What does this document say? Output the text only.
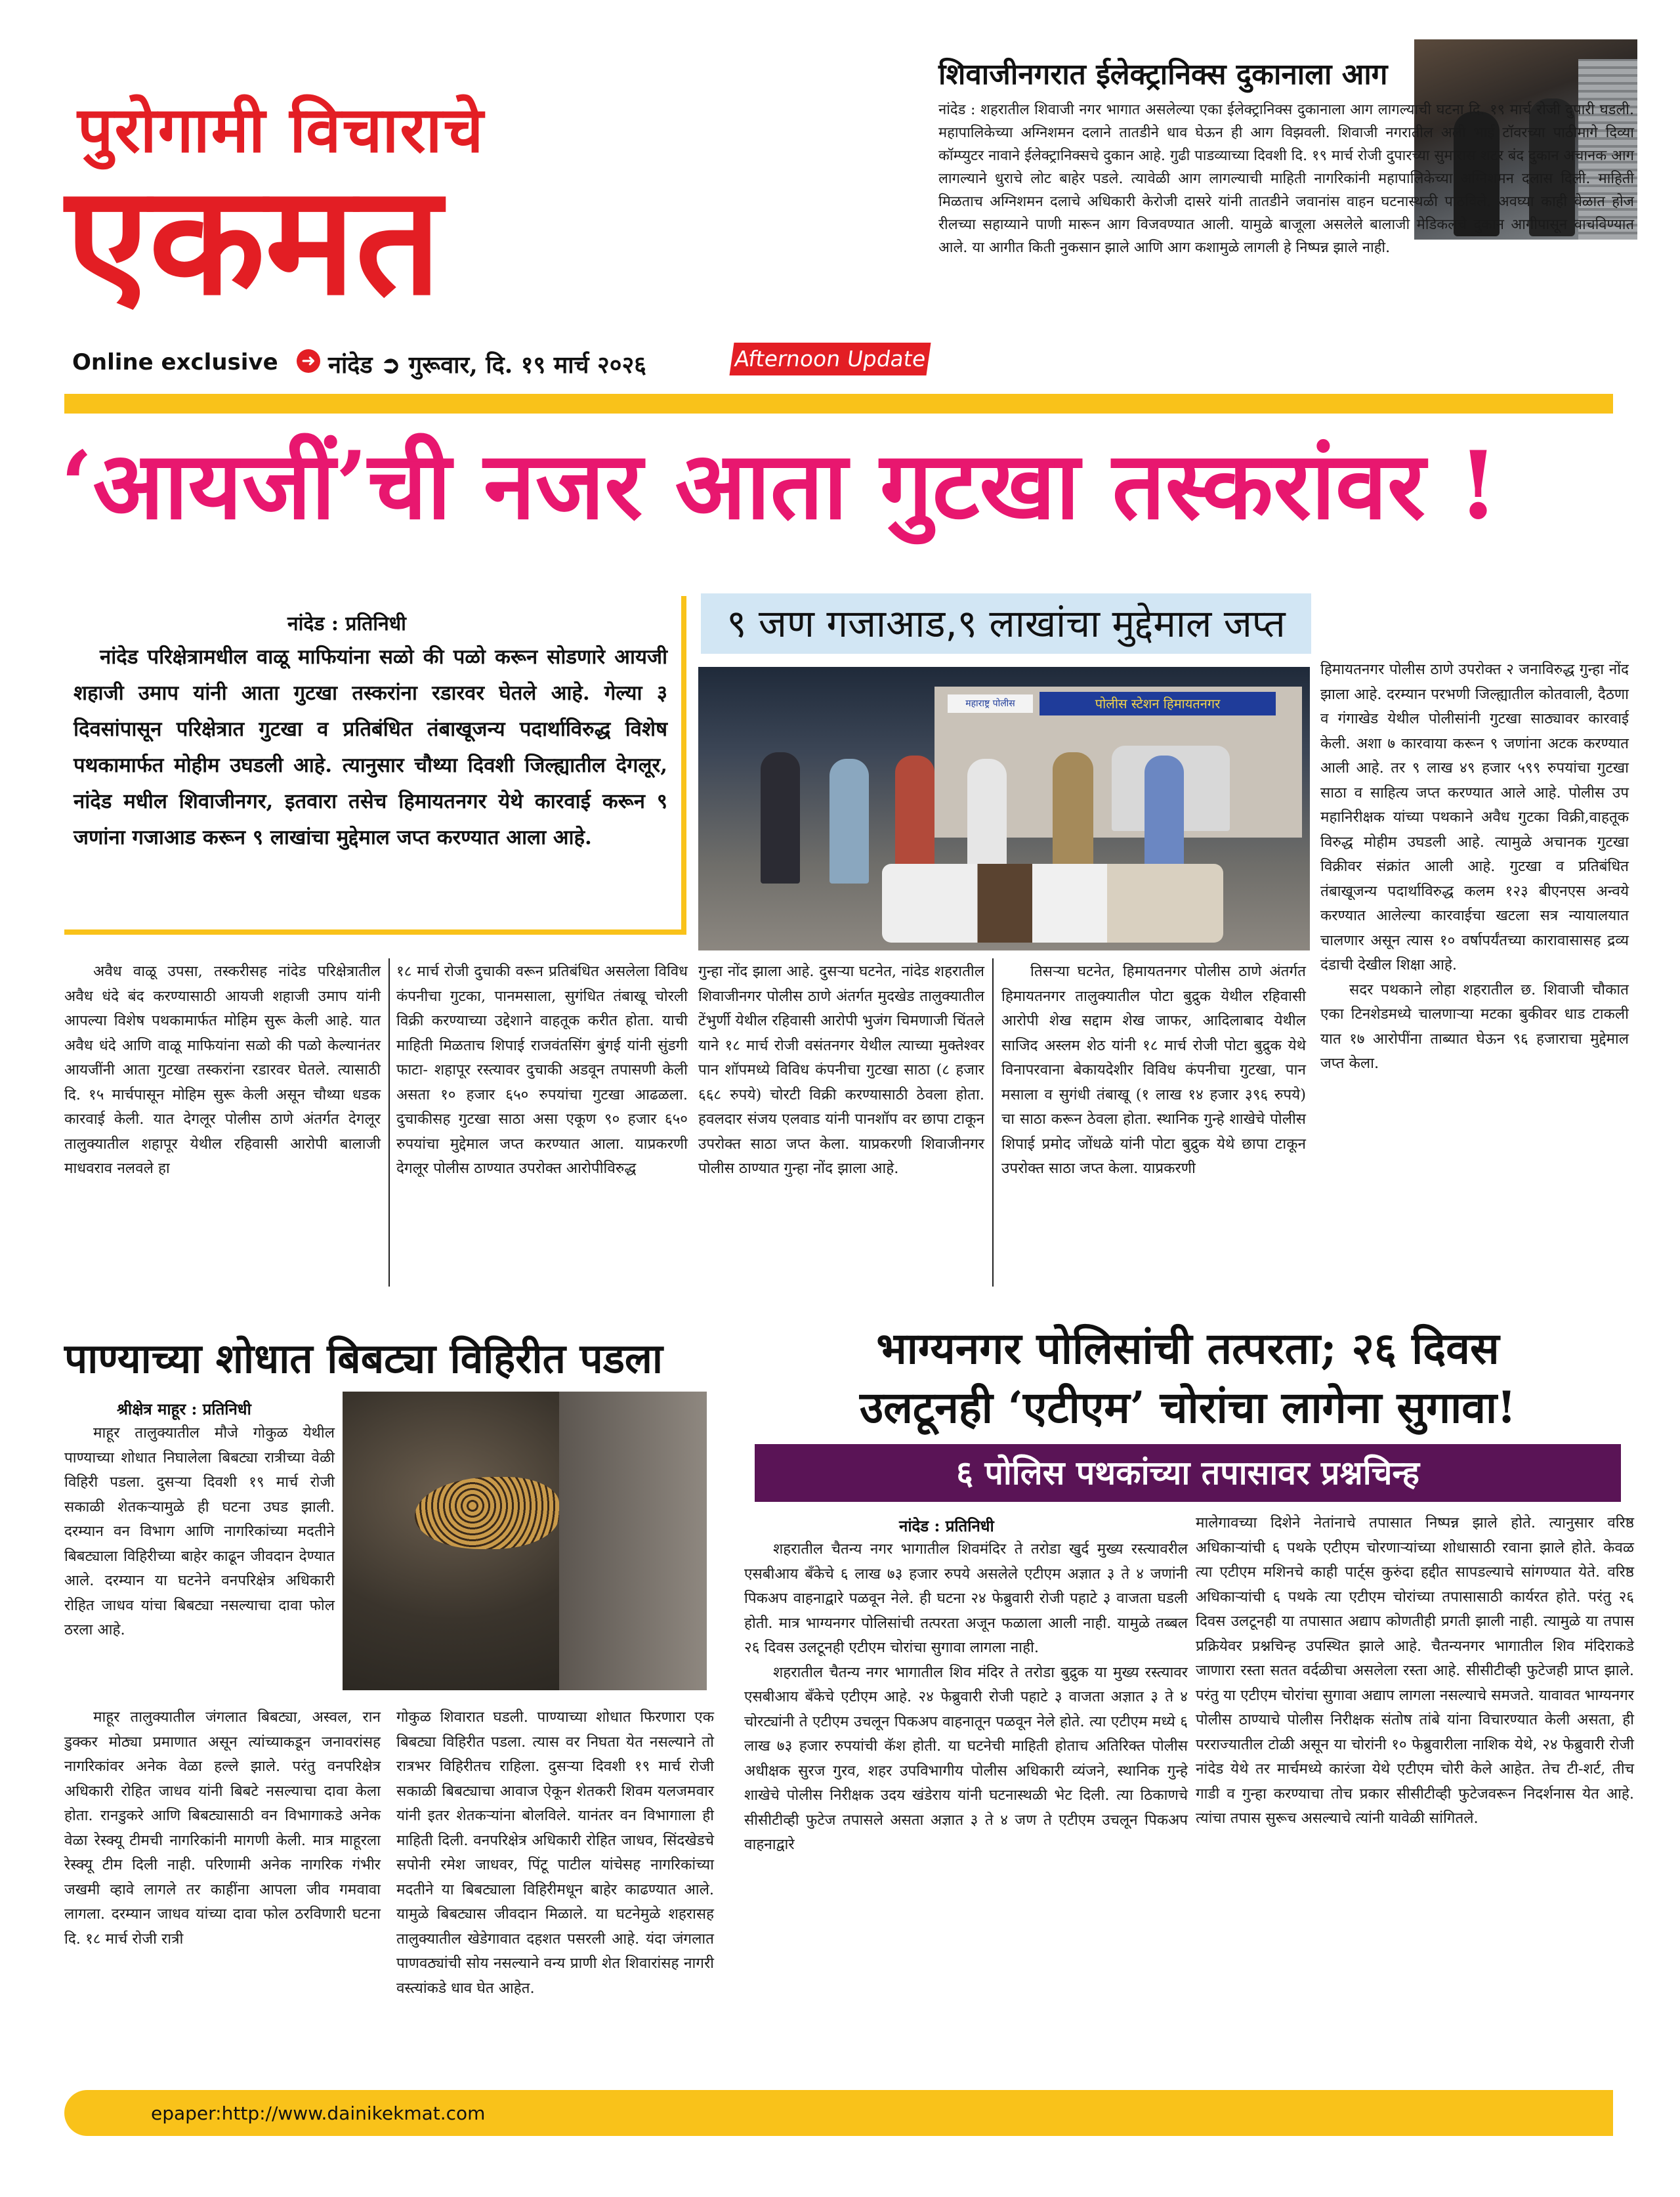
पुरोगामी विचाराचे
एकमत
Online exclusive ➜ नांदेड ➲ गुरूवार, दि. १९ मार्च २०२६	Afternoon Update
शिवाजीनगरात ईलेक्ट्रानिक्स दुकानाला आग
नांदेड : शहरातील शिवाजी नगर भागात असलेल्या एका ईलेक्ट्रानिक्स दुकानाला आग लागल्याची घटना दि. १९ मार्च रोजी दुपारी घडली. महापालिकेच्या अग्निशमन दलाने तातडीने धाव घेऊन ही आग विझवली. शिवाजी नगरातील अली भाई टॉवरच्या पाठीमागे दिव्या कॉम्प्युटर नावाने ईलेक्ट्रानिक्सचे दुकान आहे. गुढी पाडव्याच्या दिवशी दि. १९ मार्च रोजी दुपारच्या सुमारास शटर बंद दुकान अचानक आग लागल्याने धुराचे लोट बाहेर पडले. त्यावेळी आग लागल्याची माहिती नागरिकांनी महापालिकेच्या अग्निशमन दलास दिली. माहिती मिळताच अग्निशमन दलाचे अधिकारी केरोजी दासरे यांनी तातडीने जवानांस वाहन घटनास्थळी पाठविले. अवघ्या काही वेळात होज रीलच्या सहाय्याने पाणी मारून आग विजवण्यात आली. यामुळे बाजूला असलेले बालाजी मेडिकलचे दुकान आगीपासून वाचविण्यात आले. या आगीत किती नुकसान झाले आणि आग कशामुळे लागली हे निष्पन्न झाले नाही.
‘आयजीं’ची नजर आता गुटखा तस्करांवर !
नांदेड : प्रतिनिधी
नांदेड परिक्षेत्रामधील वाळू माफियांना सळो की पळो करून सोडणारे आयजी शहाजी उमाप यांनी आता गुटखा तस्करांना रडारवर घेतले आहे. गेल्या ३ दिवसांपासून परिक्षेत्रात गुटखा व प्रतिबंधित तंबाखूजन्य पदार्थाविरुद्ध विशेष पथकामार्फत मोहीम उघडली आहे. त्यानुसार चौथ्या दिवशी जिल्ह्यातील देगलूर, नांदेड मधील शिवाजीनगर, इतवारा तसेच हिमायतनगर येथे कारवाई करून ९ जणांना गजाआड करून ९ लाखांचा मुद्देमाल जप्त करण्यात आला आहे.
९ जण गजाआड,९ लाखांचा मुद्देमाल जप्त
पोलीस स्टेशन हिमायतनगर
महाराष्ट्र पोलीस

अवैध वाळू उपसा, तस्करीसह नांदेड परिक्षेत्रातील अवैध धंदे बंद करण्यासाठी आयजी शहाजी उमाप यांनी आपल्या विशेष पथकामार्फत मोहिम सुरू केली आहे. यात अवैध धंदे आणि वाळू माफियांना सळो की पळो केल्यानंतर आयजींनी आता गुटखा तस्करांना रडारवर घेतले. त्यासाठी दि. १५ मार्चपासून मोहिम सुरू केली असून चौथ्या धडक कारवाई केली. यात देगलूर पोलीस ठाणे अंतर्गत देगलूर तालुक्यातील शहापूर येथील रहिवासी आरोपी बालाजी माधवराव नलवले हा

१८ मार्च रोजी दुचाकी वरून प्रतिबंधित असलेला विविध कंपनीचा गुटका, पानमसाला, सुगंधित तंबाखू चोरली विक्री करण्याच्या उद्देशाने वाहतूक करीत होता. याची माहिती मिळताच शिपाई राजवंतसिंग बुंगई यांनी सुंडगी फाटा- शहापूर रस्त्यावर दुचाकी अडवून तपासणी केली असता १० हजार ६५० रुपयांचा गुटखा आढळला. दुचाकीसह गुटखा साठा असा एकूण ९० हजार ६५० रुपयांचा मुद्देमाल जप्त करण्यात आला. याप्रकरणी देगलूर पोलीस ठाण्यात उपरोक्त आरोपीविरुद्ध

गुन्हा नोंद झाला आहे. दुसऱ्या घटनेत, नांदेड शहरातील शिवाजीनगर पोलीस ठाणे अंतर्गत मुदखेड तालुक्यातील टेंभुर्णी येथील रहिवासी आरोपी भुजंग चिमणाजी चिंतले याने १८ मार्च रोजी वसंतनगर येथील त्याच्या मुक्तेश्वर पान शॉपमध्ये विविध कंपनीचा गुटखा साठा (८ हजार ६६८ रुपये) चोरटी विक्री करण्यासाठी ठेवला होता. हवलदार संजय एलवाड यांनी पानशॉप वर छापा टाकून उपरोक्त साठा जप्त केला. याप्रकरणी शिवाजीनगर पोलीस ठाण्यात गुन्हा नोंद झाला आहे.

तिसऱ्या घटनेत, हिमायतनगर पोलीस ठाणे अंतर्गत हिमायतनगर तालुक्यातील पोटा बुद्रुक येथील रहिवासी आरोपी शेख सद्दाम शेख जाफर, आदिलाबाद येथील साजिद अस्लम शेठ यांनी १८ मार्च रोजी पोटा बुद्रुक येथे विनापरवाना बेकायदेशीर विविध कंपनीचा गुटखा, पान मसाला व सुगंधी तंबाखू (१ लाख १४ हजार ३९६ रुपये) चा साठा करून ठेवला होता. स्थानिक गुन्हे शाखेचे पोलीस शिपाई प्रमोद जोंधळे यांनी पोटा बुद्रुक येथे छापा टाकून उपरोक्त साठा जप्त केला. याप्रकरणी

हिमायतनगर पोलीस ठाणे उपरोक्त २ जनाविरुद्ध गुन्हा नोंद झाला आहे. दरम्यान परभणी जिल्ह्यातील कोतवाली, दैठणा व गंगाखेड येथील पोलीसांनी गुटखा साठ्यावर कारवाई केली. अशा ७ कारवाया करून ९ जणांना अटक करण्यात आली आहे. तर ९ लाख ४९ हजार ५९९ रुपयांचा गुटखा साठा व साहित्य जप्त करण्यात आले आहे. पोलीस उप महानिरीक्षक यांच्या पथकाने अवैध गुटका विक्री,वाहतूक विरुद्ध मोहीम उघडली आहे. त्यामुळे अचानक गुटखा विक्रीवर संक्रांत आली आहे. गुटखा व प्रतिबंधित तंबाखूजन्य पदार्थाविरुद्ध कलम १२३ बीएनएस अन्वये करण्यात आलेल्या कारवाईचा खटला सत्र न्यायालयात चालणार असून त्यास १० वर्षापर्यंतच्या कारावासासह द्रव्य दंडाची देखील शिक्षा आहे.

सदर पथकाने लोहा शहरातील छ. शिवाजी चौकात एका टिनशेडमध्ये चालणाऱ्या मटका बुकीवर धाड टाकली यात १७ आरोपींना ताब्यात घेऊन ९६ हजाराचा मुद्देमाल जप्त केला.

पाण्याच्या शोधात बिबट्या विहिरीत पडला
श्रीक्षेत्र माहूर : प्रतिनिधी

माहूर तालुक्यातील मौजे गोकुळ येथील पाण्याच्या शोधात निघालेला बिबट्या रात्रीच्या वेळी विहिरी पडला. दुसऱ्या दिवशी १९ मार्च रोजी सकाळी शेतकऱ्यामुळे ही घटना उघड झाली. दरम्यान वन विभाग आणि नागरिकांच्या मदतीने बिबट्याला विहिरीच्या बाहेर काढून जीवदान देण्यात आले. दरम्यान या घटनेने वनपरिक्षेत्र अधिकारी रोहित जाधव यांचा बिबट्या नसल्याचा दावा फोल ठरला आहे.

माहूर तालुक्यातील जंगलात बिबट्या, अस्वल, रान डुक्कर मोठ्या प्रमाणात असून त्यांच्याकडून जनावरांसह नागरिकांवर अनेक वेळा हल्ले झाले. परंतु वनपरिक्षेत्र अधिकारी रोहित जाधव यांनी बिबटे नसल्याचा दावा केला होता. रानडुकरे आणि बिबट्यासाठी वन विभागाकडे अनेक वेळा रेस्क्यू टीमची नागरिकांनी मागणी केली. मात्र माहूरला रेस्क्यू टीम दिली नाही. परिणामी अनेक नागरिक गंभीर जखमी व्हावे लागले तर काहींना आपला जीव गमवावा लागला. दरम्यान जाधव यांच्या दावा फोल ठरविणारी घटना दि. १८ मार्च रोजी रात्री

गोकुळ शिवारात घडली. पाण्याच्या शोधात फिरणारा एक बिबट्या विहिरीत पडला. त्यास वर निघता येत नसल्याने तो रात्रभर विहिरीतच राहिला. दुसऱ्या दिवशी १९ मार्च रोजी सकाळी बिबट्याचा आवाज ऐकून शेतकरी शिवम यलजमवार यांनी इतर शेतकऱ्यांना बोलविले. यानंतर वन विभागाला ही माहिती दिली. वनपरिक्षेत्र अधिकारी रोहित जाधव, सिंदखेडचे सपोनी रमेश जाधवर, पिंटू पाटील यांचेसह नागरिकांच्या मदतीने या बिबट्याला विहिरीमधून बाहेर काढण्यात आले. यामुळे बिबट्यास जीवदान मिळाले. या घटनेमुळे शहरासह तालुक्यातील खेडेगावात दहशत पसरली आहे. यंदा जंगलात पाणवठ्यांची सोय नसल्याने वन्य प्राणी शेत शिवारांसह नागरी वस्त्यांकडे धाव घेत आहेत.

भाग्यनगर पोलिसांची तत्परता; २६ दिवस
उलटूनही ‘एटीएम’ चोरांचा लागेना सुगावा!
६ पोलिस पथकांच्या तपासावर प्रश्नचिन्ह
नांदेड : प्रतिनिधी

शहरातील चैतन्य नगर भागातील शिवमंदिर ते तरोडा खुर्द मुख्य रस्त्यावरील एसबीआय बँकेचे ६ लाख ७३ हजार रुपये असलेले एटीएम अज्ञात ३ ते ४ जणांनी पिकअप वाहनाद्वारे पळवून नेले. ही घटना २४ फेब्रुवारी रोजी पहाटे ३ वाजता घडली होती. मात्र भाग्यनगर पोलिसांची तत्परता अजून फळाला आली नाही. यामुळे तब्बल २६ दिवस उलटूनही एटीएम चोरांचा सुगावा लागला नाही.

शहरातील चैतन्य नगर भागातील शिव मंदिर ते तरोडा बुद्रुक या मुख्य रस्त्यावर एसबीआय बँकेचे एटीएम आहे. २४ फेब्रुवारी रोजी पहाटे ३ वाजता अज्ञात ३ ते ४ चोरट्यांनी ते एटीएम उचलून पिकअप वाहनातून पळवून नेले होते. त्या एटीएम मध्ये ६ लाख ७३ हजार रुपयांची कॅश होती. या घटनेची माहिती होताच अतिरिक्त पोलीस अधीक्षक सुरज गुरव, शहर उपविभागीय पोलीस अधिकारी व्यंजने, स्थानिक गुन्हे शाखेचे पोलीस निरीक्षक उदय खंडेराय यांनी घटनास्थळी भेट दिली. त्या ठिकाणचे सीसीटीव्ही फुटेज तपासले असता अज्ञात ३ ते ४ जण ते एटीएम उचलून पिकअप वाहनाद्वारे

मालेगावच्या दिशेने नेतांनाचे तपासात निष्पन्न झाले होते. त्यानुसार वरिष्ठ अधिकाऱ्यांची ६ पथके एटीएम चोरणाऱ्यांच्या शोधासाठी रवाना झाले होते. केवळ त्या एटीएम मशिनचे काही पार्ट्स कुरुंदा हद्दीत सापडल्याचे सांगण्यात येते. वरिष्ठ अधिकाऱ्यांची ६ पथके त्या एटीएम चोरांच्या तपासासाठी कार्यरत होते. परंतु २६ दिवस उलटूनही या तपासात अद्याप कोणतीही प्रगती झाली नाही. त्यामुळे या तपास प्रक्रियेवर प्रश्नचिन्ह उपस्थित झाले आहे. चैतन्यनगर भागातील शिव मंदिराकडे जाणारा रस्ता सतत वर्दळीचा असलेला रस्ता आहे. सीसीटीव्ही फुटेजही प्राप्त झाले. परंतु या एटीएम चोरांचा सुगावा अद्याप लागला नसल्याचे समजते. यावावत भाग्यनगर पोलीस ठाण्याचे पोलीस निरीक्षक संतोष तांबे यांना विचारण्यात केली असता, ही परराज्यातील टोळी असून या चोरांनी १० फेब्रुवारीला नाशिक येथे, २४ फेब्रुवारी रोजी नांदेड येथे तर मार्चमध्ये कारंजा येथे एटीएम चोरी केले आहेत. तेच टी-शर्ट, तीच गाडी व गुन्हा करण्याचा तोच प्रकार सीसीटीव्ही फुटेजवरून निदर्शनास येत आहे. त्यांचा तपास सुरूच असल्याचे त्यांनी यावेळी सांगितले.

epaper:http://www.dainikekmat.com
